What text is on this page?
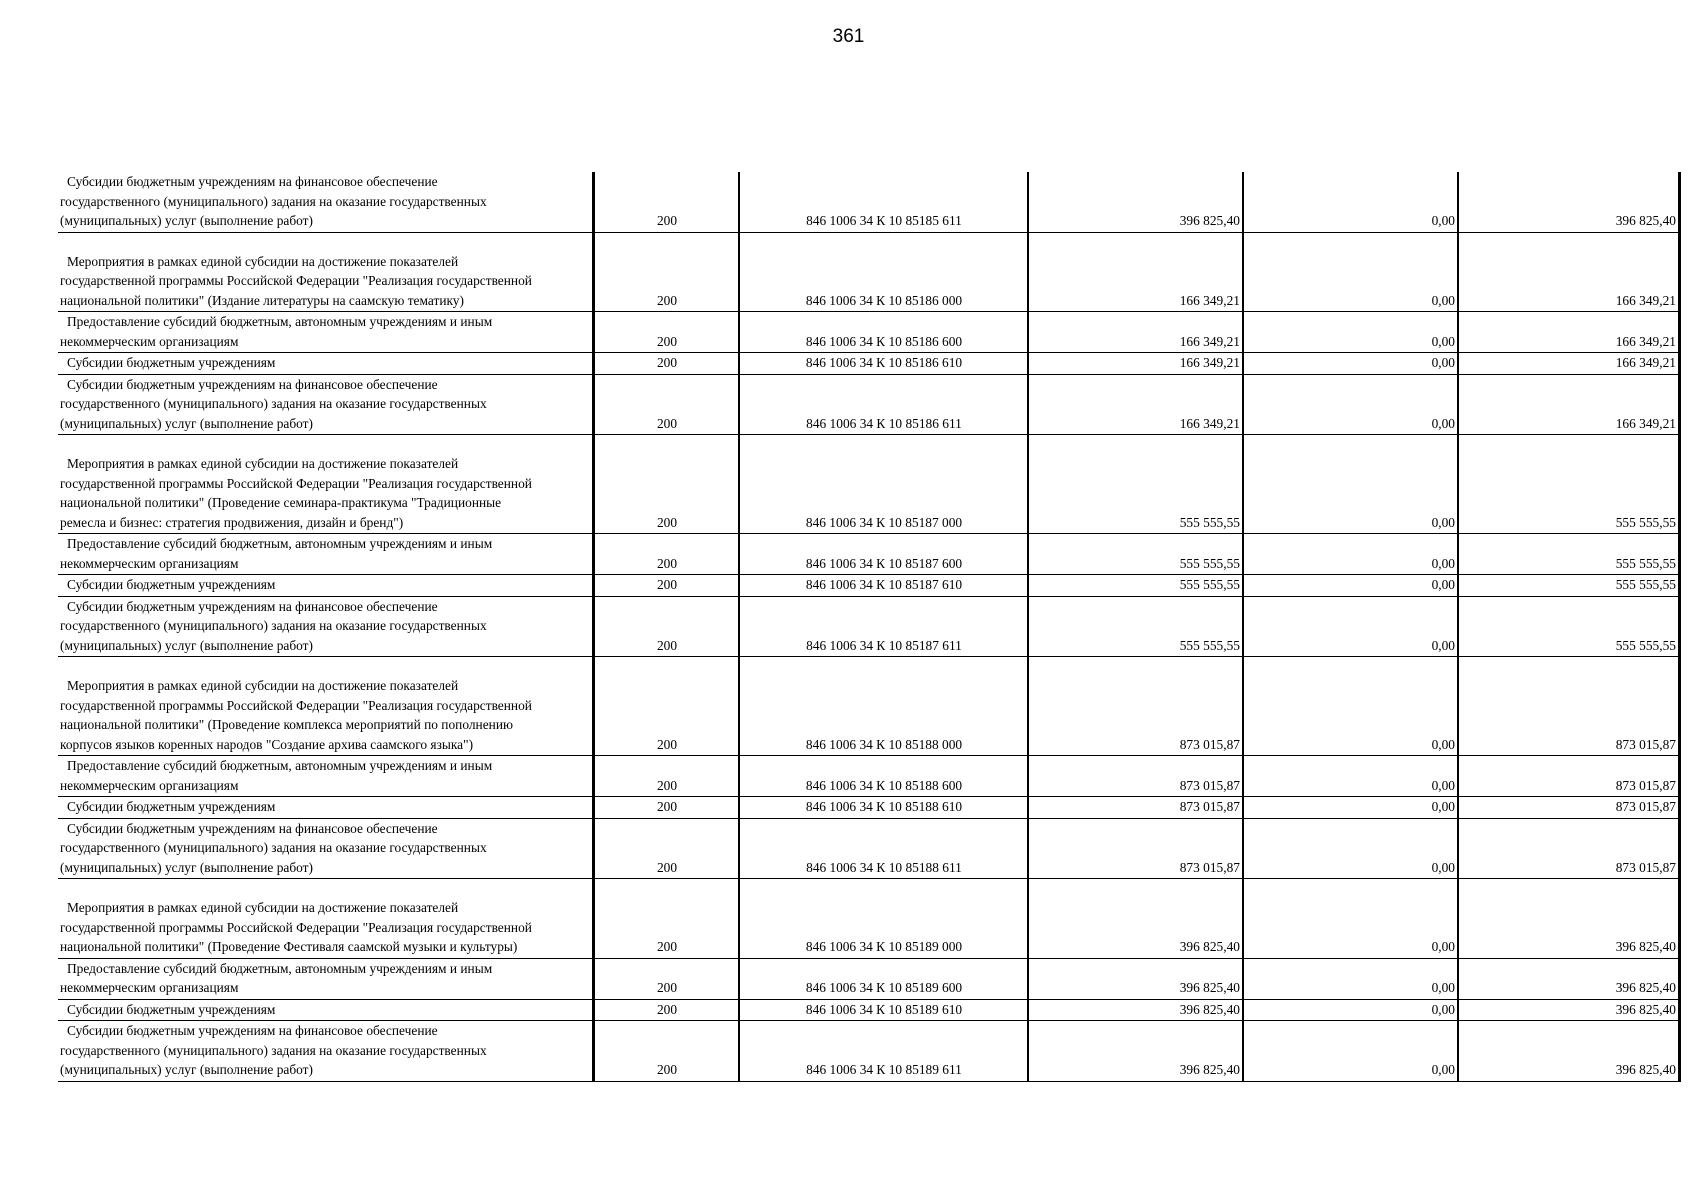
361
Субсидии бюджетным учреждениям на финансовое обеспечение
государственного (муниципального) задания на оказание государственных
(муниципальных) услуг (выполнение работ)	200	846 1006 34 К 10 85185 611	396 825,40	0,00	396 825,40

Мероприятия в рамках единой субсидии на достижение показателей
государственной программы Российской Федерации "Реализация государственной
национальной политики" (Издание литературы на саамскую тематику)	200	846 1006 34 К 10 85186 000	166 349,21	0,00	166 349,21

Предоставление субсидий бюджетным, автономным учреждениям и иным
некоммерческим организациям	200	846 1006 34 К 10 85186 600	166 349,21	0,00	166 349,21

Субсидии бюджетным учреждениям	200	846 1006 34 К 10 85186 610	166 349,21	0,00	166 349,21

Субсидии бюджетным учреждениям на финансовое обеспечение
государственного (муниципального) задания на оказание государственных
(муниципальных) услуг (выполнение работ)	200	846 1006 34 К 10 85186 611	166 349,21	0,00	166 349,21

Мероприятия в рамках единой субсидии на достижение показателей
государственной программы Российской Федерации "Реализация государственной
национальной политики" (Проведение семинара-практикума "Традиционные
ремесла и бизнес: стратегия продвижения, дизайн и бренд")	200	846 1006 34 К 10 85187 000	555 555,55	0,00	555 555,55

Предоставление субсидий бюджетным, автономным учреждениям и иным
некоммерческим организациям	200	846 1006 34 К 10 85187 600	555 555,55	0,00	555 555,55

Субсидии бюджетным учреждениям	200	846 1006 34 К 10 85187 610	555 555,55	0,00	555 555,55

Субсидии бюджетным учреждениям на финансовое обеспечение
государственного (муниципального) задания на оказание государственных
(муниципальных) услуг (выполнение работ)	200	846 1006 34 К 10 85187 611	555 555,55	0,00	555 555,55

Мероприятия в рамках единой субсидии на достижение показателей
государственной программы Российской Федерации "Реализация государственной
национальной политики" (Проведение комплекса мероприятий по пополнению
корпусов языков коренных народов "Создание архива саамского языка")	200	846 1006 34 К 10 85188 000	873 015,87	0,00	873 015,87

Предоставление субсидий бюджетным, автономным учреждениям и иным
некоммерческим организациям	200	846 1006 34 К 10 85188 600	873 015,87	0,00	873 015,87

Субсидии бюджетным учреждениям	200	846 1006 34 К 10 85188 610	873 015,87	0,00	873 015,87

Субсидии бюджетным учреждениям на финансовое обеспечение
государственного (муниципального) задания на оказание государственных
(муниципальных) услуг (выполнение работ)	200	846 1006 34 К 10 85188 611	873 015,87	0,00	873 015,87

Мероприятия в рамках единой субсидии на достижение показателей
государственной программы Российской Федерации "Реализация государственной
национальной политики" (Проведение Фестиваля саамской музыки и культуры)	200	846 1006 34 К 10 85189 000	396 825,40	0,00	396 825,40

Предоставление субсидий бюджетным, автономным учреждениям и иным
некоммерческим организациям	200	846 1006 34 К 10 85189 600	396 825,40	0,00	396 825,40

Субсидии бюджетным учреждениям	200	846 1006 34 К 10 85189 610	396 825,40	0,00	396 825,40

Субсидии бюджетным учреждениям на финансовое обеспечение
государственного (муниципального) задания на оказание государственных
(муниципальных) услуг (выполнение работ)	200	846 1006 34 К 10 85189 611	396 825,40	0,00	396 825,40
